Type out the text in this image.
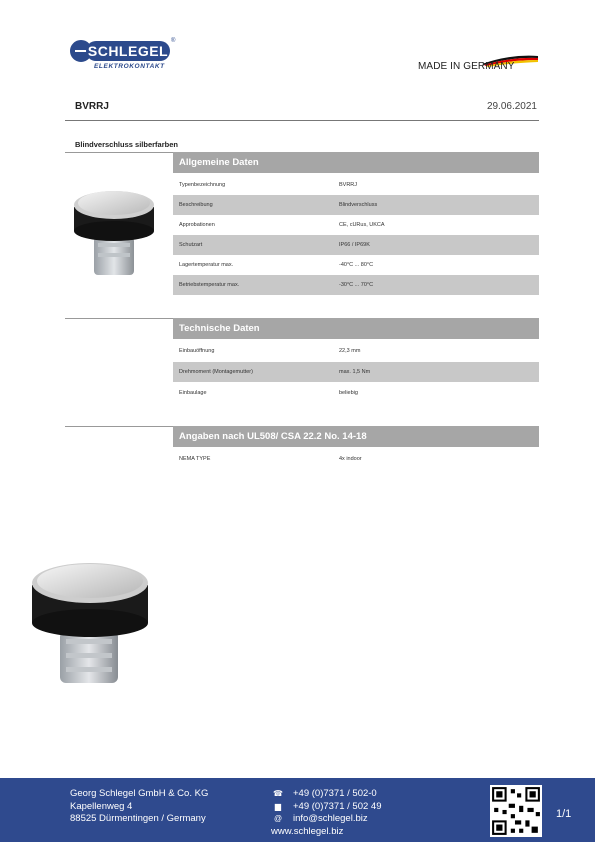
SCHLEGEL
ELEKTROKONTAKT
®
MADE IN GERMANY
BVRRJ	29.06.2021
Blindverschluss silberfarben
Allgemeine Daten
Typenbezeichnung	BVRRJ
Beschreibung	Blindverschluss
Approbationen	CE, cURus, UKCA
Schutzart	IP66 / IP69K
Lagertemperatur max.	-40°C ... 80°C
Betriebstemperatur max.	-30°C ... 70°C
Technische Daten
Einbauöffnung	22,3 mm
Drehmoment (Montagemutter)	max. 1,5 Nm
Einbaulage	beliebig
Angaben nach UL508/ CSA 22.2 No. 14-18
NEMA TYPE	4x indoor
Georg Schlegel GmbH & Co. KG
Kapellenweg 4
88525 Dürmentingen / Germany
☎ +49 (0)7371 / 502-0
▆	+49 (0)7371 / 502 49
@	info@schlegel.biz
www.schlegel.biz
1/1
